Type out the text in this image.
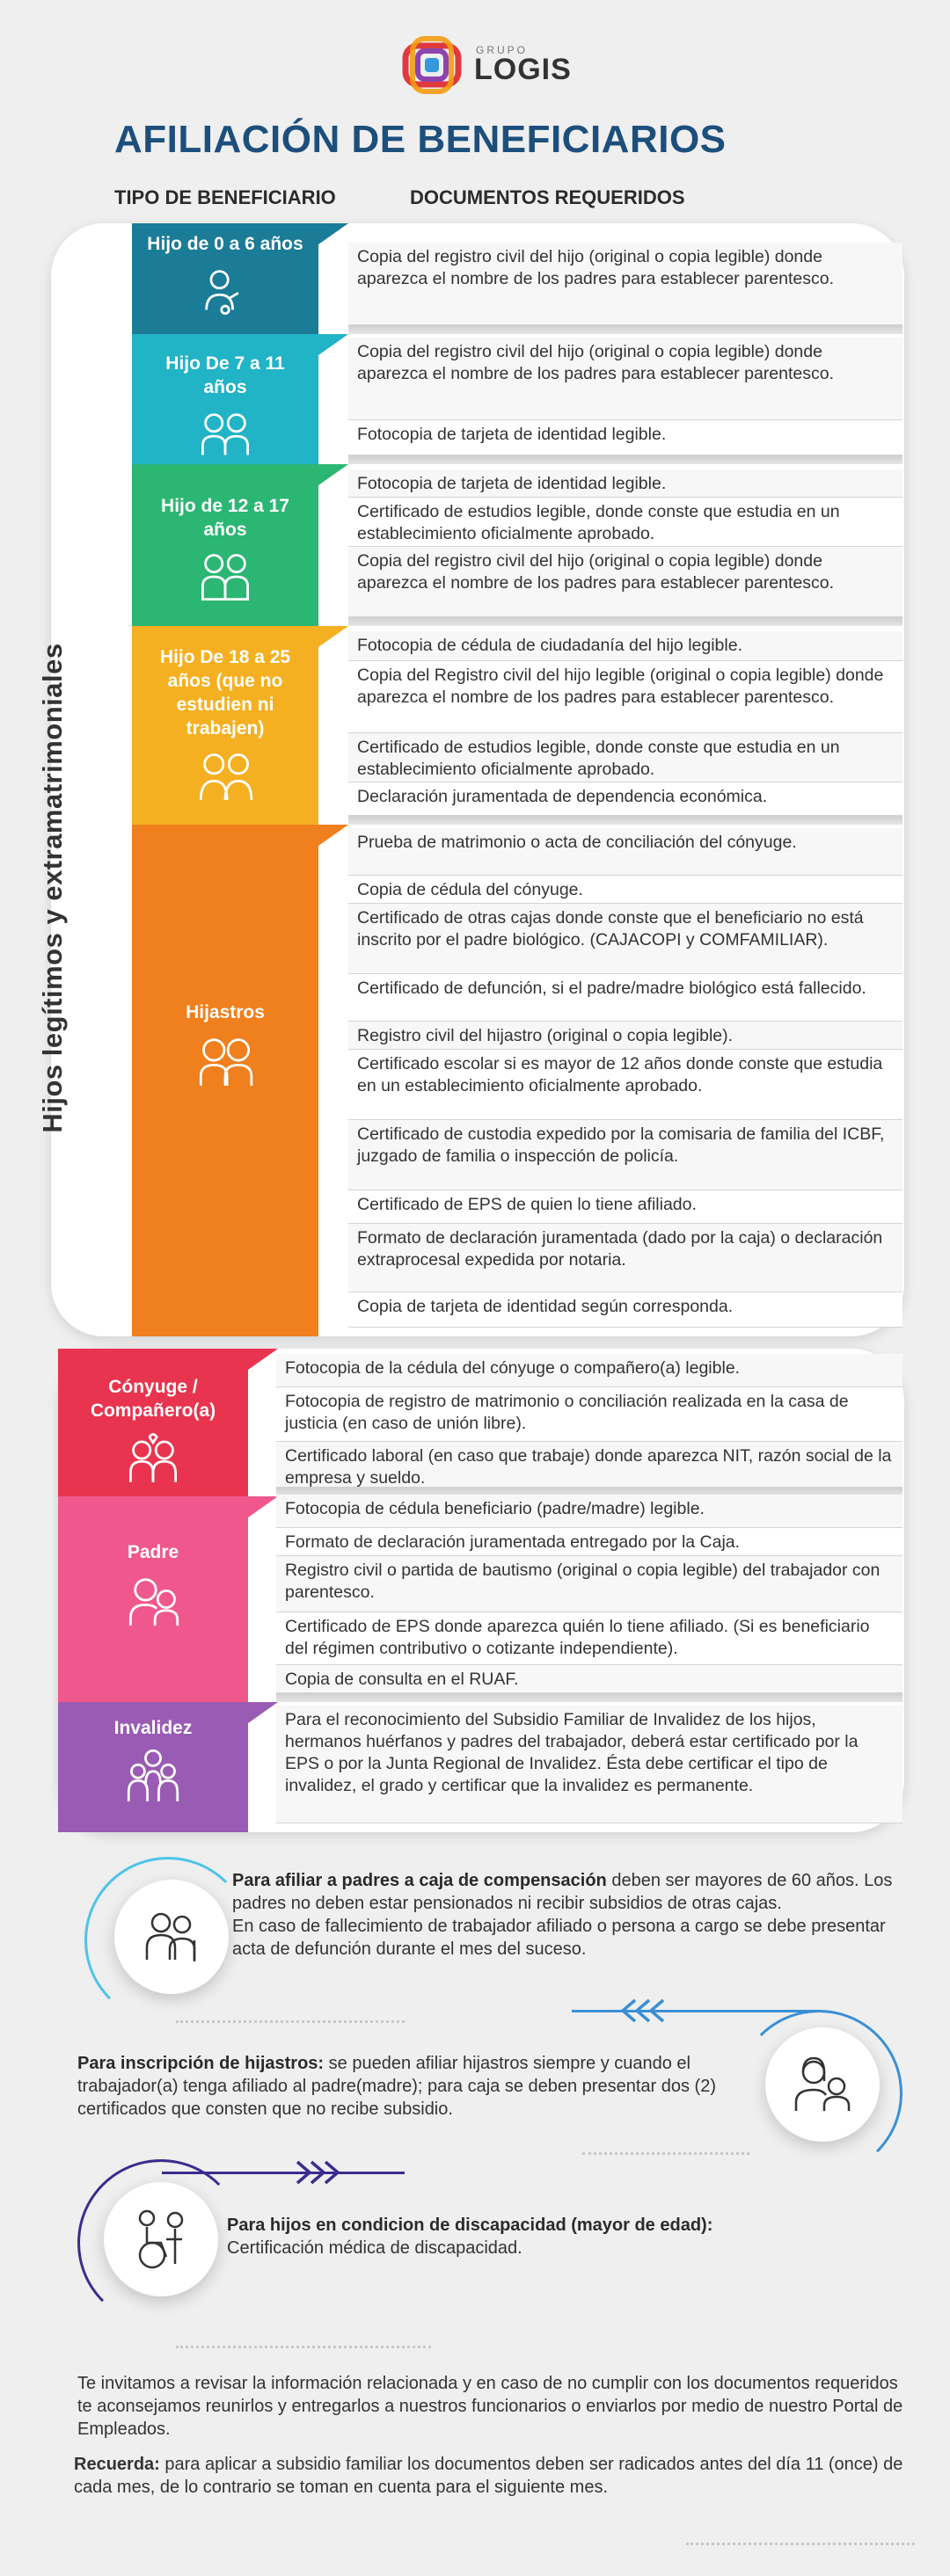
GRUPO
LOGIS
AFILIACIÓN DE BENEFICIARIOS
TIPO DE BENEFICIARIO	DOCUMENTOS REQUERIDOS
Hijos legítimos y extramatrimoniales
Hijo de 0 a 6 años
Copia del registro civil del hijo (original o copia legible) donde aparezca el nombre de los padres para establecer parentesco.
Hijo De 7 a 11 años
Copia del registro civil del hijo (original o copia legible) donde aparezca el nombre de los padres para establecer parentesco.
Fotocopia de tarjeta de identidad legible.
Hijo de 12 a 17 años
Fotocopia de tarjeta de identidad legible.
Certificado de estudios legible, donde conste que estudia en un establecimiento oficialmente aprobado.
Copia del registro civil del hijo (original o copia legible) donde aparezca el nombre de los padres para establecer parentesco.
Hijo De 18 a 25 años (que no estudien ni trabajen)
Fotocopia de cédula de ciudadanía del hijo legible.
Copia del Registro civil del hijo legible (original o copia legible) donde aparezca el nombre de los padres para establecer parentesco.
Certificado de estudios legible, donde conste que estudia en un establecimiento oficialmente aprobado.
Declaración juramentada de dependencia económica.
Hijastros
Prueba de matrimonio o acta de conciliación del cónyuge.
Copia de cédula del cónyuge.
Certificado de otras cajas donde conste que el beneficiario no está inscrito por el padre biológico. (CAJACOPI y COMFAMILIAR).
Certificado de defunción, si el padre/madre biológico está fallecido.
Registro civil del hijastro (original o copia legible).
Certificado escolar si es mayor de 12 años donde conste que estudia en un establecimiento oficialmente aprobado.
Certificado de custodia expedido por la comisaria de familia del ICBF, juzgado de familia o inspección de policía.
Certificado de EPS de quien lo tiene afiliado.
Formato de declaración juramentada (dado por la caja) o declaración extraprocesal expedida por notaria.
Copia de tarjeta de identidad según corresponda.
Cónyuge / Compañero(a)
Fotocopia de la cédula del cónyuge o compañero(a) legible.
Fotocopia de registro de matrimonio o conciliación realizada en la casa de justicia (en caso de unión libre).
Certificado laboral (en caso que trabaje) donde aparezca NIT, razón social de la empresa y sueldo.
Padre
Fotocopia de cédula beneficiario (padre/madre) legible.
Formato de declaración juramentada entregado por la Caja.
Registro civil o partida de bautismo (original o copia legible) del trabajador con parentesco.
Certificado de EPS donde aparezca quién lo tiene afiliado. (Si es beneficiario del régimen contributivo o cotizante independiente).
Copia de consulta en el RUAF.
Invalidez	Para el reconocimiento del Subsidio Familiar de Invalidez de los hijos, hermanos huérfanos y padres del trabajador, deberá estar certificado por la EPS o por la Junta Regional de Invalidez. Ésta debe certificar el tipo de invalidez, el grado y certificar que la invalidez es permanente.
Para afiliar a padres a caja de compensación deben ser mayores de 60 años. Los padres no deben estar pensionados ni recibir subsidios de otras cajas.
En caso de fallecimiento de trabajador afiliado o persona a cargo se debe presentar acta de defunción durante el mes del suceso.
Para inscripción de hijastros: se pueden afiliar hijastros siempre y cuando el trabajador(a) tenga afiliado al padre(madre); para caja se deben presentar dos (2) certificados que consten que no recibe subsidio.
Para hijos en condicion de discapacidad (mayor de edad):
Certificación médica de discapacidad.
Te invitamos a revisar la información relacionada y en caso de no cumplir con los documentos requeridos te aconsejamos reunirlos y entregarlos a nuestros funcionarios o enviarlos por medio de nuestro Portal de Empleados.
Recuerda: para aplicar a subsidio familiar los documentos deben ser radicados antes del día 11 (once) de cada mes, de lo contrario se toman en cuenta para el siguiente mes.
